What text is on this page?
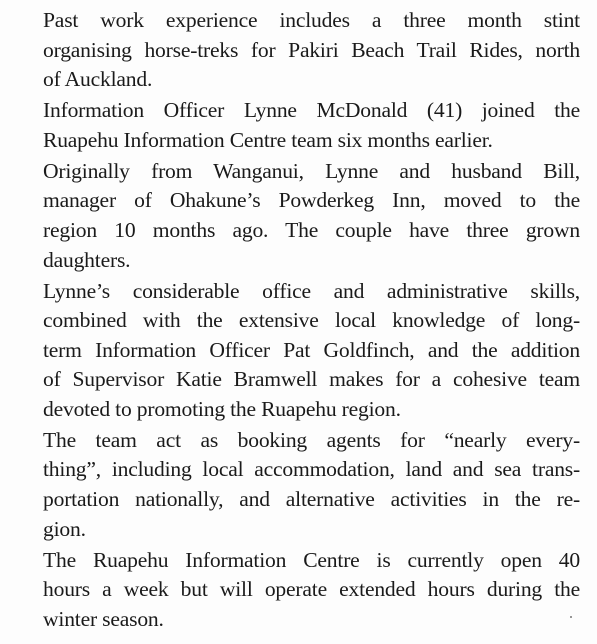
Past work experience includes a three month stint
organising horse-treks for Pakiri Beach Trail Rides, north
of Auckland.

Information Officer Lynne McDonald (41) joined the
Ruapehu Information Centre team six months earlier.

Originally from Wanganui, Lynne and husband Bill,
manager of Ohakune’s Powderkeg Inn, moved to the
region 10 months ago. The couple have three grown
daughters.

Lynne’s considerable office and administrative skills,
combined with the extensive local knowledge of long-
term Information Officer Pat Goldfinch, and the addition
of Supervisor Katie Bramwell makes for a cohesive team
devoted to promoting the Ruapehu region.

The team act as booking agents for “nearly every-
thing”, including local accommodation, land and sea trans-
portation nationally, and alternative activities in the re-
gion.

The Ruapehu Information Centre is currently open 40
hours a week but will operate extended hours during the
winter season.
